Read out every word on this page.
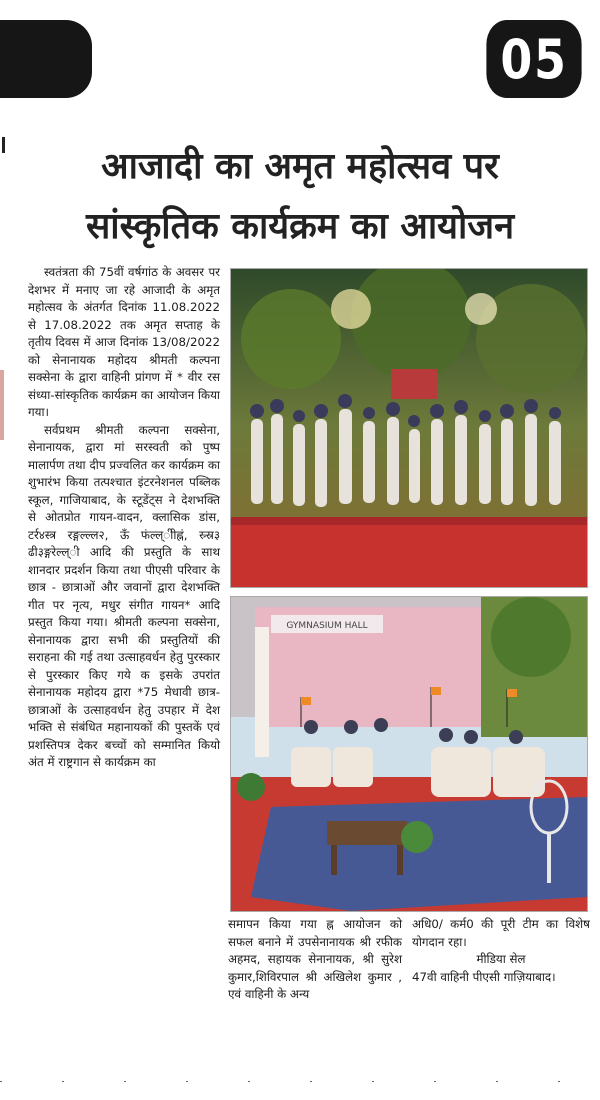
05
आजादी का अमृत महोत्सव पर
सांस्कृतिक कार्यक्रम का आयोजन

स्वतंत्रता की 75वीं वर्षगांठ के अवसर पर देशभर में मनाए जा रहे आजादी के अमृत महोत्सव के अंतर्गत दिनांक 11.08.2022 से 17.08.2022 तक अमृत सप्ताह के तृतीय दिवस में आज दिनांक 13/08/2022 को सेनानायक महोदय श्रीमती कल्पना सक्सेना के द्वारा वाहिनी प्रांगण में * वीर रस संध्या-सांस्कृतिक कार्यक्रम का आयोजन किया गया।

सर्वप्रथम श्रीमती कल्पना सक्सेना, सेनानायक, द्वारा मां सरस्वती को पुष्प मालार्पण तथा दीप प्रज्वलित कर कार्यक्रम का शुभारंभ किया तत्पश्चात इंटरनेशनल पब्लिक स्कूल, गाजियाबाद, के स्टूडेंट्स ने देशभक्ति से ओतप्रोत गायन-वादन, क्लासिक डांस, टर्र४स्त्र रङ्गल्ल्ल२, ऊँ फंल्ल्ीीह्नं, स्र्स्र३ ढी३ङ्गरेल्ल्ी आदि की प्रस्तुति के साथ शानदार प्रदर्शन किया तथा पीएसी परिवार के छात्र - छात्राओं और जवानों द्वारा देशभक्ति गीत पर नृत्य, मधुर संगीत गायन* आदि प्रस्तुत किया गया। श्रीमती कल्पना सक्सेना, सेनानायक द्वारा सभी की प्रस्तुतियों की सराहना की गई तथा उत्साहवर्धन हेतु पुरस्कार से पुरस्कार किए गये क इसके उपरांत सेनानायक महोदय द्वारा *75 मेधावी छात्र-छात्राओं के उत्साहवर्धन हेतु उपहार में देश भक्ति से संबंधित महानायकों की पुस्तकें एवं प्रशस्तिपत्र देकर बच्चों को सम्मानित कियो अंत में राष्ट्रगान से कार्यक्रम का

GYMNASIUM HALL

समापन किया गया ह्न आयोजन को सफल बनाने में उपसेनानायक श्री रफीक अहमद, सहायक सेनानायक, श्री सुरेश कुमार,शिविरपाल श्री अखिलेश कुमार , एवं वाहिनी के अन्य

अधि0/ कर्म0 की पूरी टीम का विशेष योगदान रहा।

मीडिया सेल

47वी वाहिनी पीएसी गाज़ियाबाद।
